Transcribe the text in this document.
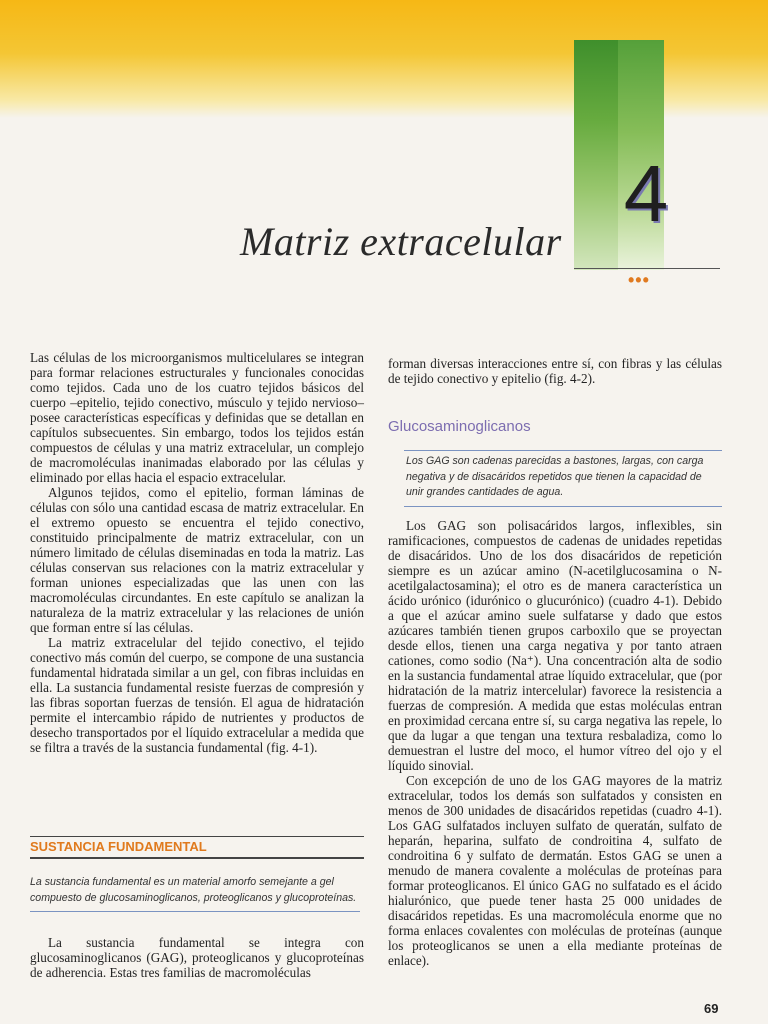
4
Matriz extracelular
•••

Las células de los microorganismos multicelulares se integran para formar relaciones estructurales y funcionales conocidas como tejidos. Cada uno de los cuatro tejidos básicos del cuerpo –epitelio, tejido conectivo, músculo y tejido nervioso– posee características específicas y definidas que se detallan en capítulos subsecuentes. Sin embargo, todos los tejidos están compuestos de células y una matriz extracelular, un complejo de macromoléculas inanimadas elaborado por las células y eliminado por ellas hacia el espacio extracelular.

Algunos tejidos, como el epitelio, forman láminas de células con sólo una cantidad escasa de matriz extracelular. En el extremo opuesto se encuentra el tejido conectivo, constituido principalmente de matriz extracelular, con un número limitado de células diseminadas en toda la matriz. Las células conservan sus relaciones con la matriz extracelular y forman uniones especializadas que las unen con las macromoléculas circundantes. En este capítulo se analizan la naturaleza de la matriz extracelular y las relaciones de unión que forman entre sí las células.

La matriz extracelular del tejido conectivo, el tejido conectivo más común del cuerpo, se compone de una sustancia fundamental hidratada similar a un gel, con fibras incluidas en ella. La sustancia fundamental resiste fuerzas de compresión y las fibras soportan fuerzas de tensión. El agua de hidratación permite el intercambio rápido de nutrientes y productos de desecho transportados por el líquido extracelular a medida que se filtra a través de la sustancia fundamental (fig. 4-1).

SUSTANCIA FUNDAMENTAL
La sustancia fundamental es un material amorfo semejante a gel compuesto de glucosaminoglicanos, proteoglicanos y glucoproteínas.

La sustancia fundamental se integra con glucosaminoglicanos (GAG), proteoglicanos y glucoproteínas de adherencia. Estas tres familias de macromoléculas

forman diversas interacciones entre sí, con fibras y las células de tejido conectivo y epitelio (fig. 4-2).

Glucosaminoglicanos
Los GAG son cadenas parecidas a bastones, largas, con carga negativa y de disacáridos repetidos que tienen la capacidad de unir grandes cantidades de agua.

Los GAG son polisacáridos largos, inflexibles, sin ramificaciones, compuestos de cadenas de unidades repetidas de disacáridos. Uno de los dos disacáridos de repetición siempre es un azúcar amino (N-acetilglucosamina o N-acetilgalactosamina); el otro es de manera característica un ácido urónico (idurónico o glucurónico) (cuadro 4-1). Debido a que el azúcar amino suele sulfatarse y dado que estos azúcares también tienen grupos carboxilo que se proyectan desde ellos, tienen una carga negativa y por tanto atraen cationes, como sodio (Na⁺). Una concentración alta de sodio en la sustancia fundamental atrae líquido extracelular, que (por hidratación de la matriz intercelular) favorece la resistencia a fuerzas de compresión. A medida que estas moléculas entran en proximidad cercana entre sí, su carga negativa las repele, lo que da lugar a que tengan una textura resbaladiza, como lo demuestran el lustre del moco, el humor vítreo del ojo y el líquido sinovial.

Con excepción de uno de los GAG mayores de la matriz extracelular, todos los demás son sulfatados y consisten en menos de 300 unidades de disacáridos repetidas (cuadro 4-1). Los GAG sulfatados incluyen sulfato de queratán, sulfato de heparán, heparina, sulfato de condroitina 4, sulfato de condroitina 6 y sulfato de dermatán. Estos GAG se unen a menudo de manera covalente a moléculas de proteínas para formar proteoglicanos. El único GAG no sulfatado es el ácido hialurónico, que puede tener hasta 25 000 unidades de disacáridos repetidas. Es una macromolécula enorme que no forma enlaces covalentes con moléculas de proteínas (aunque los proteoglicanos se unen a ella mediante proteínas de enlace).

69
